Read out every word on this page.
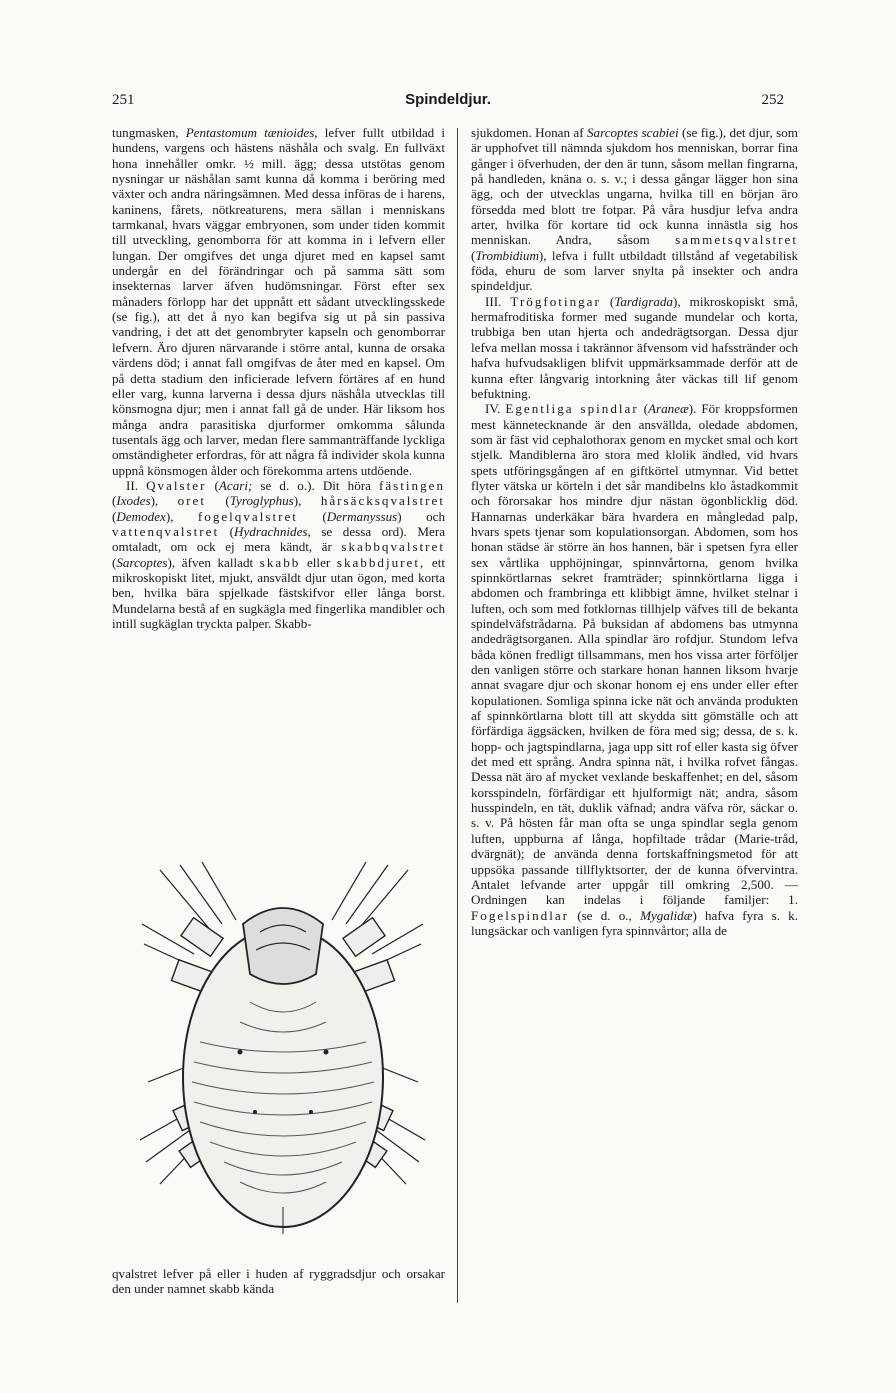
251	Spindeldjur.	252

tungmasken, Pentastomum tænioides, lefver fullt utbildad i hundens, vargens och hästens näshåla och svalg. En fullväxt hona innehåller omkr. ½ mill. ägg; dessa utstötas genom nysningar ur näshålan samt kunna då komma i beröring med växter och andra näringsämnen. Med dessa införas de i harens, kaninens, fårets, nötkreaturens, mera sällan i menniskans tarmkanal, hvars väggar embryonen, som under tiden kommit till utveckling, genomborra för att komma in i lefvern eller lungan. Der omgifves det unga djuret med en kapsel samt undergår en del förändringar och på samma sätt som insekternas larver äfven hudömsningar. Först efter sex månaders förlopp har det uppnått ett sådant utvecklingsskede (se fig.), att det å nyo kan begifva sig ut på sin passiva vandring, i det att det genombryter kapseln och genomborrar lefvern. Äro djuren närvarande i större antal, kunna de orsaka värdens död; i annat fall omgifvas de åter med en kapsel. Om på detta stadium den inficierade lefvern förtäres af en hund eller varg, kunna larverna i dessa djurs näshåla utvecklas till könsmogna djur; men i annat fall gå de under. Här liksom hos många andra parasitiska djurformer omkomma sålunda tusentals ägg och larver, medan flere sammanträffande lyckliga omständigheter erfordras, för att några få individer skola kunna uppnå könsmogen ålder och förekomma artens utdöende.

II. Qvalster (Acari; se d. o.). Dit höra fästingen (Ixodes), oret (Tyroglyphus), hårsäcksqvalstret (Demodex), fogelqvalstret (Dermanyssus) och vattenqvalstret (Hydrachnides, se dessa ord). Mera omtaladt, om ock ej mera kändt, är skabbqvalstret (Sarcoptes), äfven kalladt skabb eller skabbdjuret, ett mikroskopiskt litet, mjukt, ansväldt djur utan ögon, med korta ben, hvilka bära spjelkade fästskifvor eller långa borst. Mundelarna bestå af en sugkägla med fingerlika mandibler och intill sugkäglan tryckta palper. Skabb-

qvalstret lefver på eller i huden af ryggradsdjur och orsakar den under namnet skabb kända

sjukdomen. Honan af Sarcoptes scabiei (se fig.), det djur, som är upphofvet till nämnda sjukdom hos menniskan, borrar fina gånger i öfverhuden, der den är tunn, såsom mellan fingrarna, på handleden, knäna o. s. v.; i dessa gångar lägger hon sina ägg, och der utvecklas ungarna, hvilka till en början äro försedda med blott tre fotpar. På våra husdjur lefva andra arter, hvilka för kortare tid ock kunna innästla sig hos menniskan. Andra, såsom sammetsqvalstret (Trombidium), lefva i fullt utbildadt tillstånd af vegetabilisk föda, ehuru de som larver snylta på insekter och andra spindeldjur.

III. Trögfotingar (Tardigrada), mikroskopiskt små, hermafroditiska former med sugande mundelar och korta, trubbiga ben utan hjerta och andedrägtsorgan. Dessa djur lefva mellan mossa i takrännor äfvensom vid hafsstränder och hafva hufvudsakligen blifvit uppmärksammade derför att de kunna efter långvarig intorkning åter väckas till lif genom befuktning.

IV. Egentliga spindlar (Araneæ). För kroppsformen mest kännetecknande är den ansvällda, oledade abdomen, som är fäst vid cephalothorax genom en mycket smal och kort stjelk. Mandiblerna äro stora med klolik ändled, vid hvars spets utföringsgången af en giftkörtel utmynnar. Vid bettet flyter vätska ur körteln i det sår mandibelns klo åstadkommit och förorsakar hos mindre djur nästan ögonblicklig död. Hannarnas underkäkar bära hvardera en mångledad palp, hvars spets tjenar som kopulationsorgan. Abdomen, som hos honan städse är större än hos hannen, bär i spetsen fyra eller sex vårtlika upphöjningar, spinnvårtorna, genom hvilka spinnkörtlarnas sekret framträder; spinnkörtlarna ligga i abdomen och frambringa ett klibbigt ämne, hvilket stelnar i luften, och som med fotklornas tillhjelp väfves till de bekanta spindelväfstrådarna. På buksidan af abdomens bas utmynna andedrägtsorganen. Alla spindlar äro rofdjur. Stundom lefva båda könen fredligt tillsammans, men hos vissa arter förföljer den vanligen större och starkare honan hannen liksom hvarje annat svagare djur och skonar honom ej ens under eller efter kopulationen. Somliga spinna icke nät och använda produkten af spinnkörtlarna blott till att skydda sitt gömställe och att förfärdiga äggsäcken, hvilken de föra med sig; dessa, de s. k. hopp- och jagtspindlarna, jaga upp sitt rof eller kasta sig öfver det med ett språng. Andra spinna nät, i hvilka rofvet fångas. Dessa nät äro af mycket vexlande beskaffenhet; en del, såsom korsspindeln, förfärdigar ett hjulformigt nät; andra, såsom husspindeln, en tät, duklik väfnad; andra väfva rör, säckar o. s. v. På hösten får man ofta se unga spindlar segla genom luften, uppburna af långa, hopfiltade trådar (Marie-tråd, dvärgnät); de använda denna fortskaffningsmetod för att uppsöka passande tillflyktsorter, der de kunna öfvervintra. Antalet lefvande arter uppgår till omkring 2,500. — Ordningen kan indelas i följande familjer: 1. Fogelspindlar (se d. o., Mygalidæ) hafva fyra s. k. lungsäckar och vanligen fyra spinnvårtor; alla de
